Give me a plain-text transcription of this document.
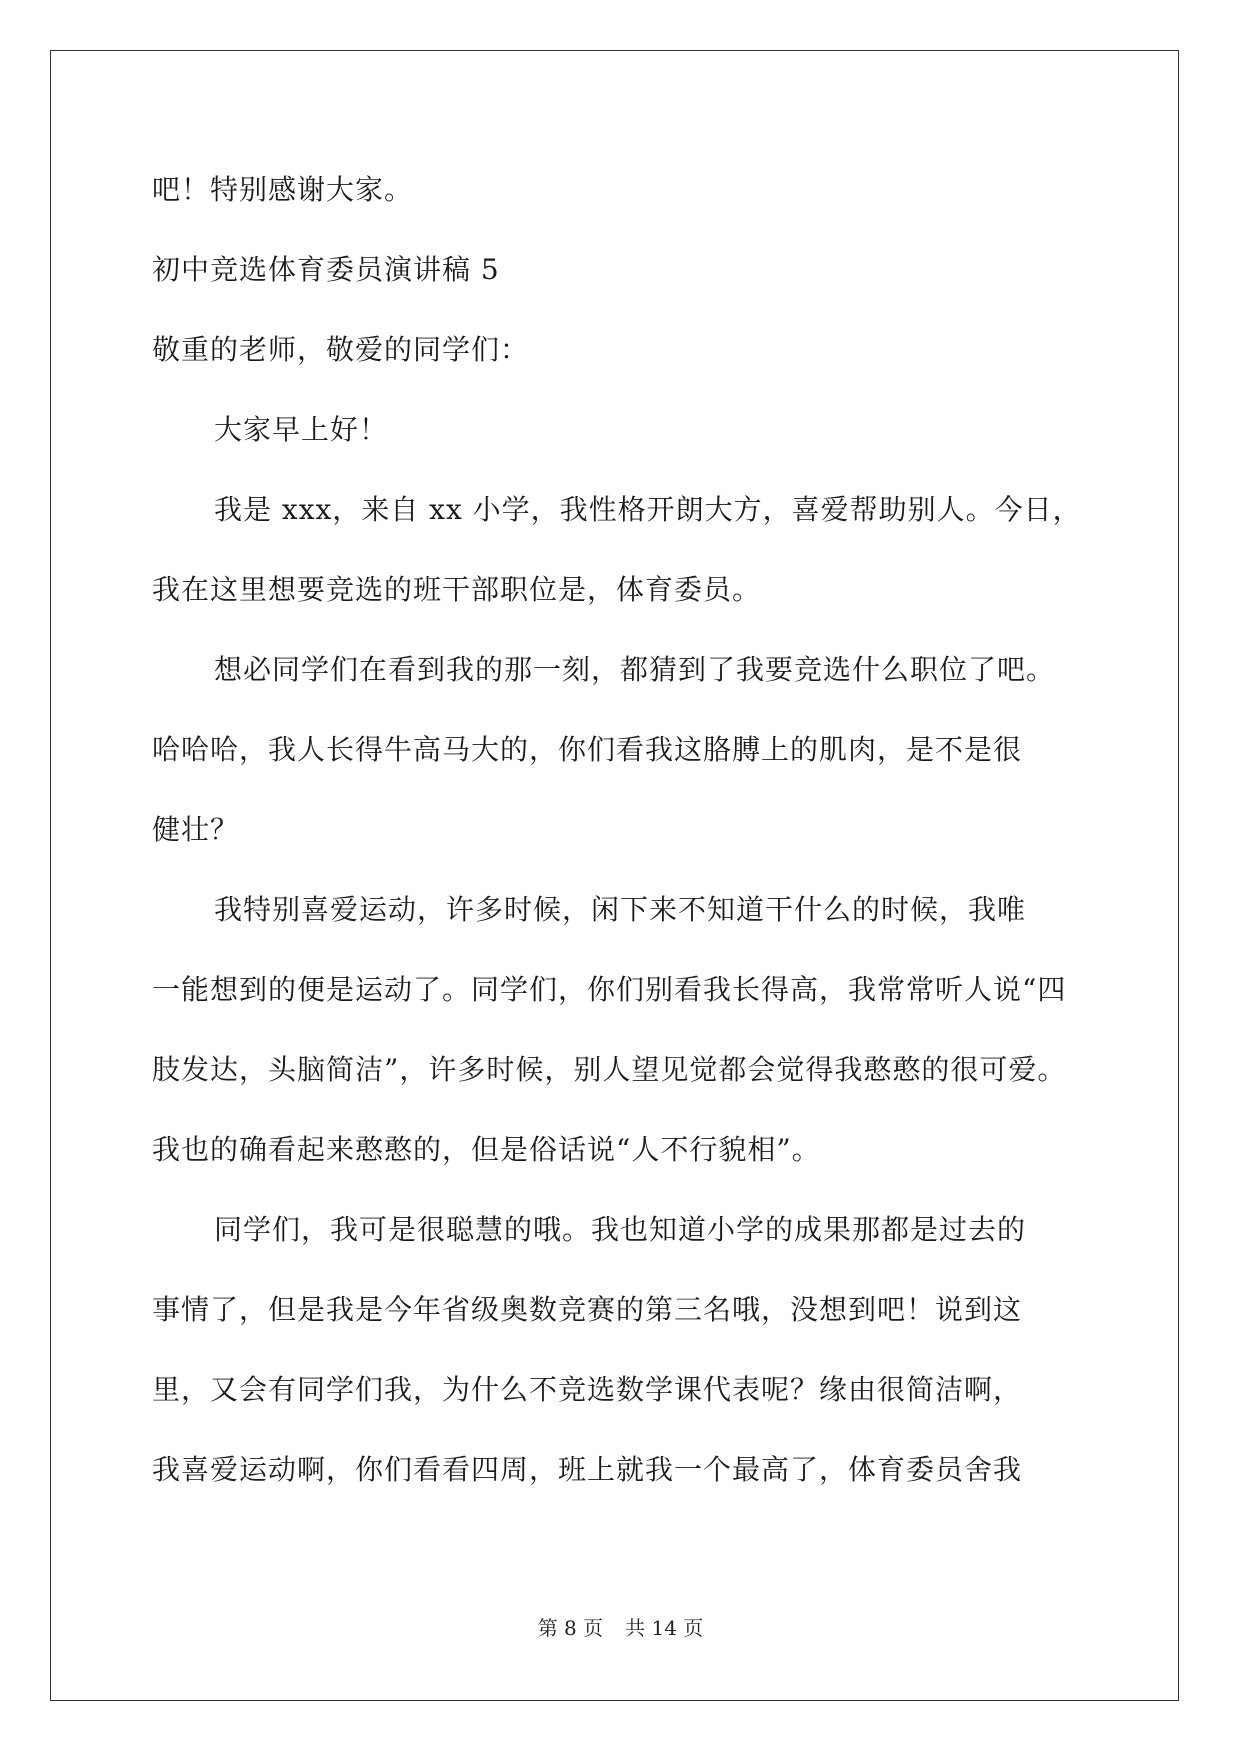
吧！特别感谢大家。
初中竞选体育委员演讲稿 5
敬重的老师，敬爱的同学们：
大家早上好！
我是 xxx，来自 xx 小学，我性格开朗大方，喜爱帮助别人。今日，
我在这里想要竞选的班干部职位是，体育委员。
想必同学们在看到我的那一刻，都猜到了我要竞选什么职位了吧。
哈哈哈，我人长得牛高马大的，你们看我这胳膊上的肌肉，是不是很
健壮？
我特别喜爱运动，许多时候，闲下来不知道干什么的时候，我唯
一能想到的便是运动了。同学们，你们别看我长得高，我常常听人说“四
肢发达，头脑简洁”，许多时候，别人望见觉都会觉得我憨憨的很可爱。
我也的确看起来憨憨的，但是俗话说“人不行貌相”。
同学们，我可是很聪慧的哦。我也知道小学的成果那都是过去的
事情了，但是我是今年省级奥数竞赛的第三名哦，没想到吧！说到这
里，又会有同学们我，为什么不竞选数学课代表呢？缘由很简洁啊，
我喜爱运动啊，你们看看四周，班上就我一个最高了，体育委员舍我
第 8 页 共 14 页
